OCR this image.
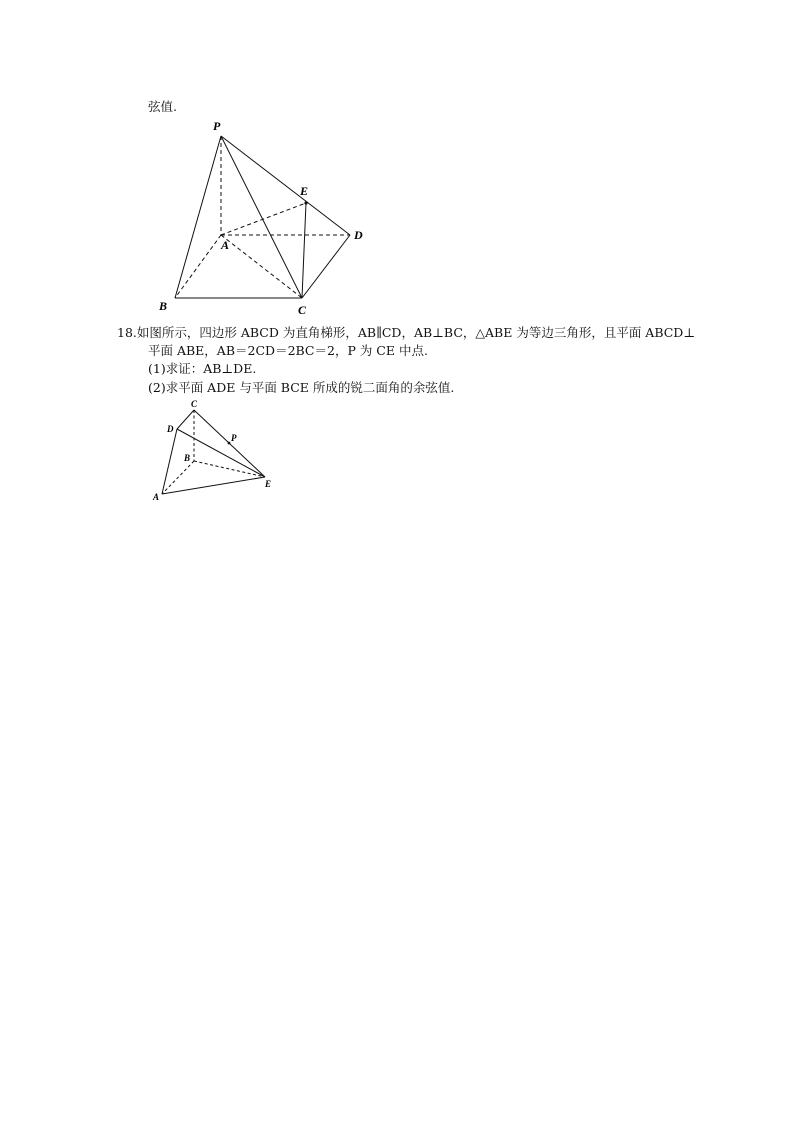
弦值.
P
E
A
D
B	C
18.如图所示，四边形 ABCD 为直角梯形，AB∥CD，AB⊥BC，△ABE 为等边三角形，且平面 ABCD⊥
平面 ABE，AB＝2CD＝2BC＝2，P 为 CE 中点.
(1)求证：AB⊥DE.
(2)求平面 ADE 与平面 BCE 所成的锐二面角的余弦值.
C
D
P
B
A
E
